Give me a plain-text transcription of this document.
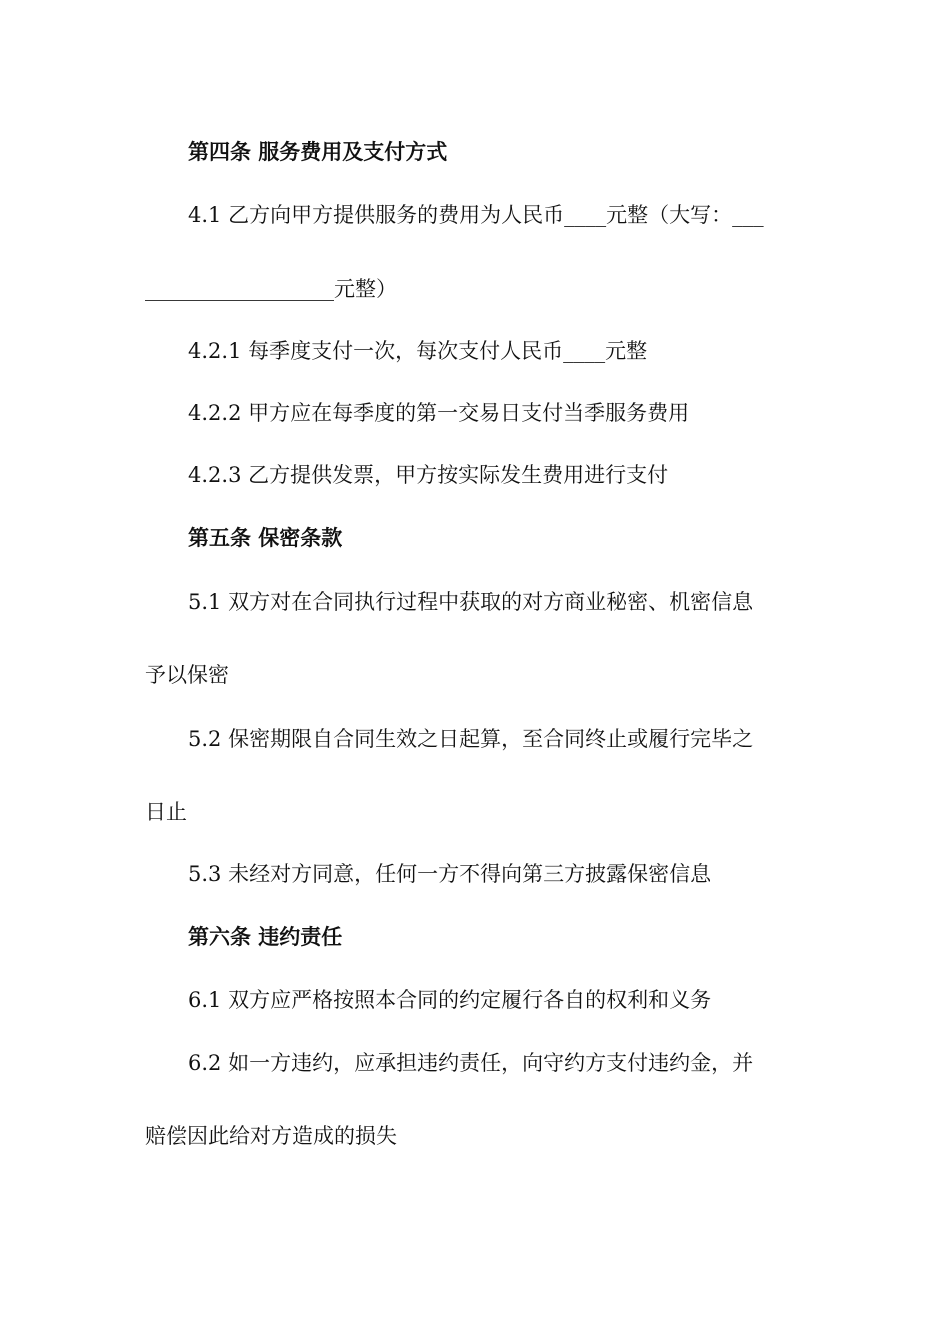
第四条 服务费用及支付方式
4.1 乙方向甲方提供服务的费用为人民币____元整（大写：___
__________________元整）
4.2.1 每季度支付一次，每次支付人民币____元整
4.2.2 甲方应在每季度的第一交易日支付当季服务费用
4.2.3 乙方提供发票，甲方按实际发生费用进行支付
第五条 保密条款
5.1 双方对在合同执行过程中获取的对方商业秘密、机密信息
予以保密
5.2 保密期限自合同生效之日起算，至合同终止或履行完毕之
日止
5.3 未经对方同意，任何一方不得向第三方披露保密信息
第六条 违约责任
6.1 双方应严格按照本合同的约定履行各自的权利和义务
6.2 如一方违约，应承担违约责任，向守约方支付违约金，并
赔偿因此给对方造成的损失
